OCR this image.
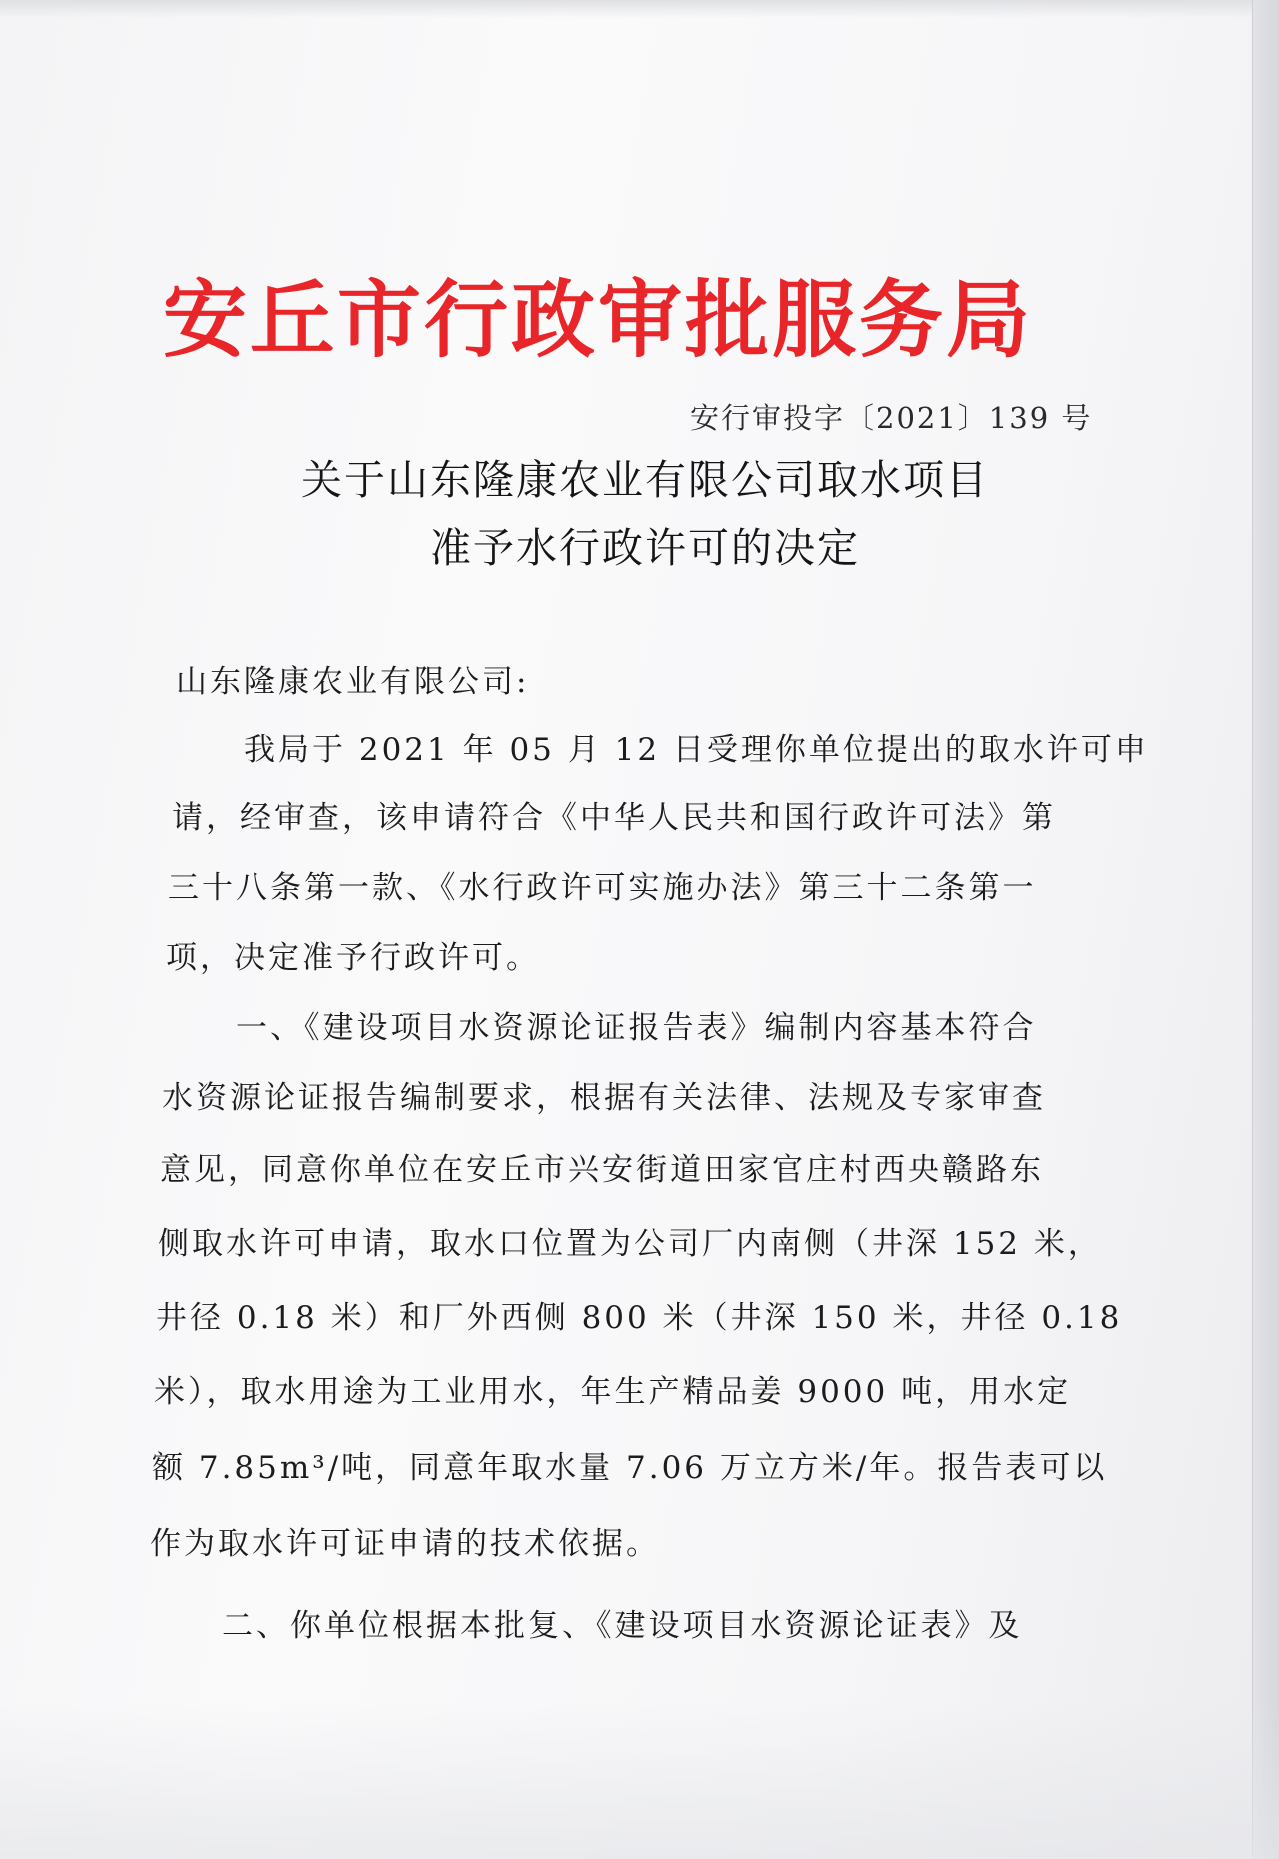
安丘市行政审批服务局
安行审投字〔2021〕139 号
关于山东隆康农业有限公司取水项目
准予水行政许可的决定
山东隆康农业有限公司:
我局于 2021 年 05 月 12 日受理你单位提出的取水许可申
请，经审查，该申请符合《中华人民共和国行政许可法》第
三十八条第一款、《水行政许可实施办法》第三十二条第一
项，决定准予行政许可。
一、《建设项目水资源论证报告表》编制内容基本符合
水资源论证报告编制要求，根据有关法律、法规及专家审查
意见，同意你单位在安丘市兴安街道田家官庄村西央赣路东
侧取水许可申请，取水口位置为公司厂内南侧（井深 152 米，
井径 0.18 米）和厂外西侧 800 米（井深 150 米，井径 0.18
米），取水用途为工业用水，年生产精品姜 9000 吨，用水定
额 7.85m³/吨，同意年取水量 7.06 万立方米/年。报告表可以
作为取水许可证申请的技术依据。
二、你单位根据本批复、《建设项目水资源论证表》及
